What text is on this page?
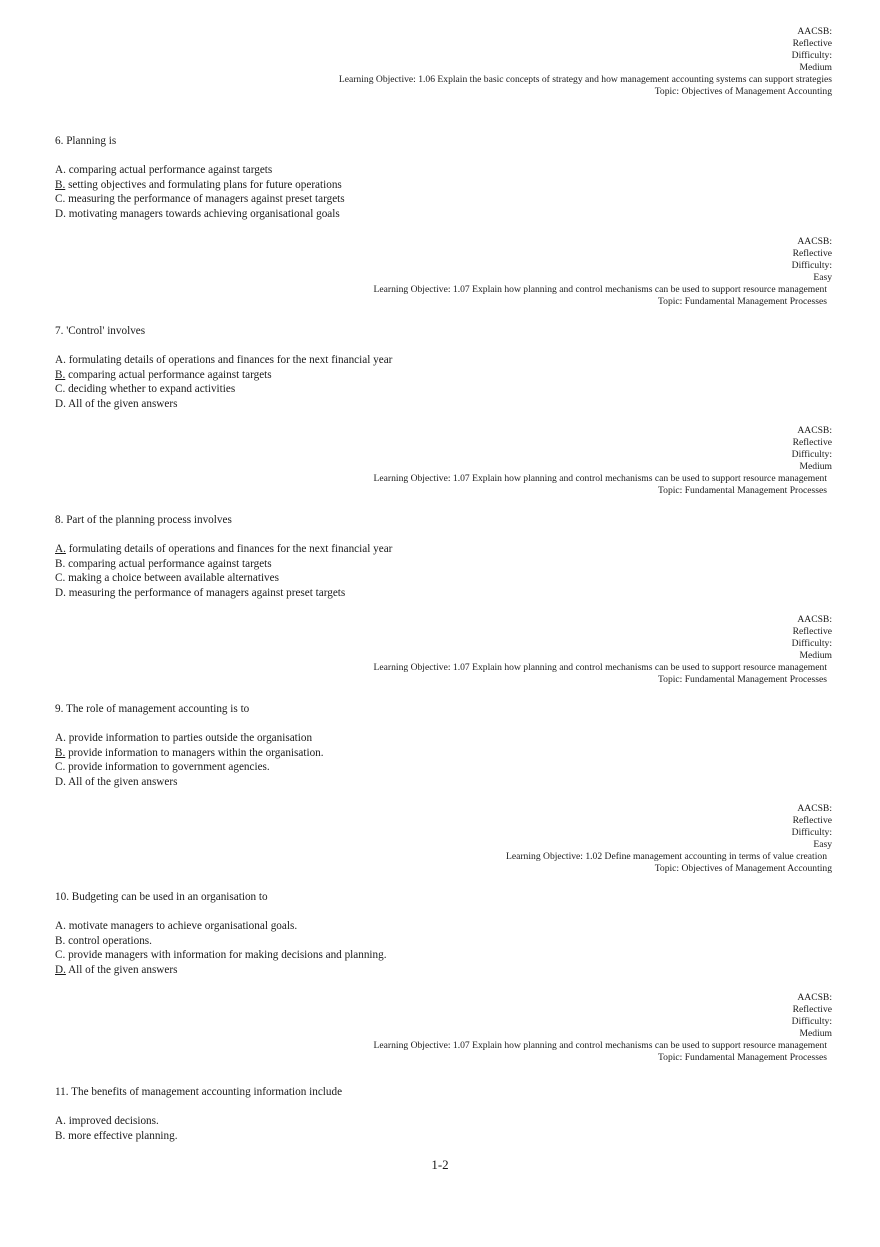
AACSB:
Reflective
Difficulty:
Medium
Learning Objective: 1.06 Explain the basic concepts of strategy and how management accounting systems can support strategies
Topic: Objectives of Management Accounting
6. Planning is
A. comparing actual performance against targets
B. setting objectives and formulating plans for future operations
C. measuring the performance of managers against preset targets
D. motivating managers towards achieving organisational goals
AACSB:
Reflective
Difficulty:
Easy
Learning Objective: 1.07 Explain how planning and control mechanisms can be used to support resource management
Topic: Fundamental Management Processes
7. 'Control' involves
A. formulating details of operations and finances for the next financial year
B. comparing actual performance against targets
C. deciding whether to expand activities
D. All of the given answers
AACSB:
Reflective
Difficulty:
Medium
Learning Objective: 1.07 Explain how planning and control mechanisms can be used to support resource management
Topic: Fundamental Management Processes
8. Part of the planning process involves
A. formulating details of operations and finances for the next financial year
B. comparing actual performance against targets
C. making a choice between available alternatives
D. measuring the performance of managers against preset targets
AACSB:
Reflective
Difficulty:
Medium
Learning Objective: 1.07 Explain how planning and control mechanisms can be used to support resource management
Topic: Fundamental Management Processes
9. The role of management accounting is to
A. provide information to parties outside the organisation
B. provide information to managers within the organisation.
C. provide information to government agencies.
D. All of the given answers
AACSB:
Reflective
Difficulty:
Easy
Learning Objective: 1.02 Define management accounting in terms of value creation
Topic: Objectives of Management Accounting
10. Budgeting can be used in an organisation to
A. motivate managers to achieve organisational goals.
B. control operations.
C. provide managers with information for making decisions and planning.
D. All of the given answers
AACSB:
Reflective
Difficulty:
Medium
Learning Objective: 1.07 Explain how planning and control mechanisms can be used to support resource management
Topic: Fundamental Management Processes
11. The benefits of management accounting information include
A. improved decisions.
B. more effective planning.
1-2
